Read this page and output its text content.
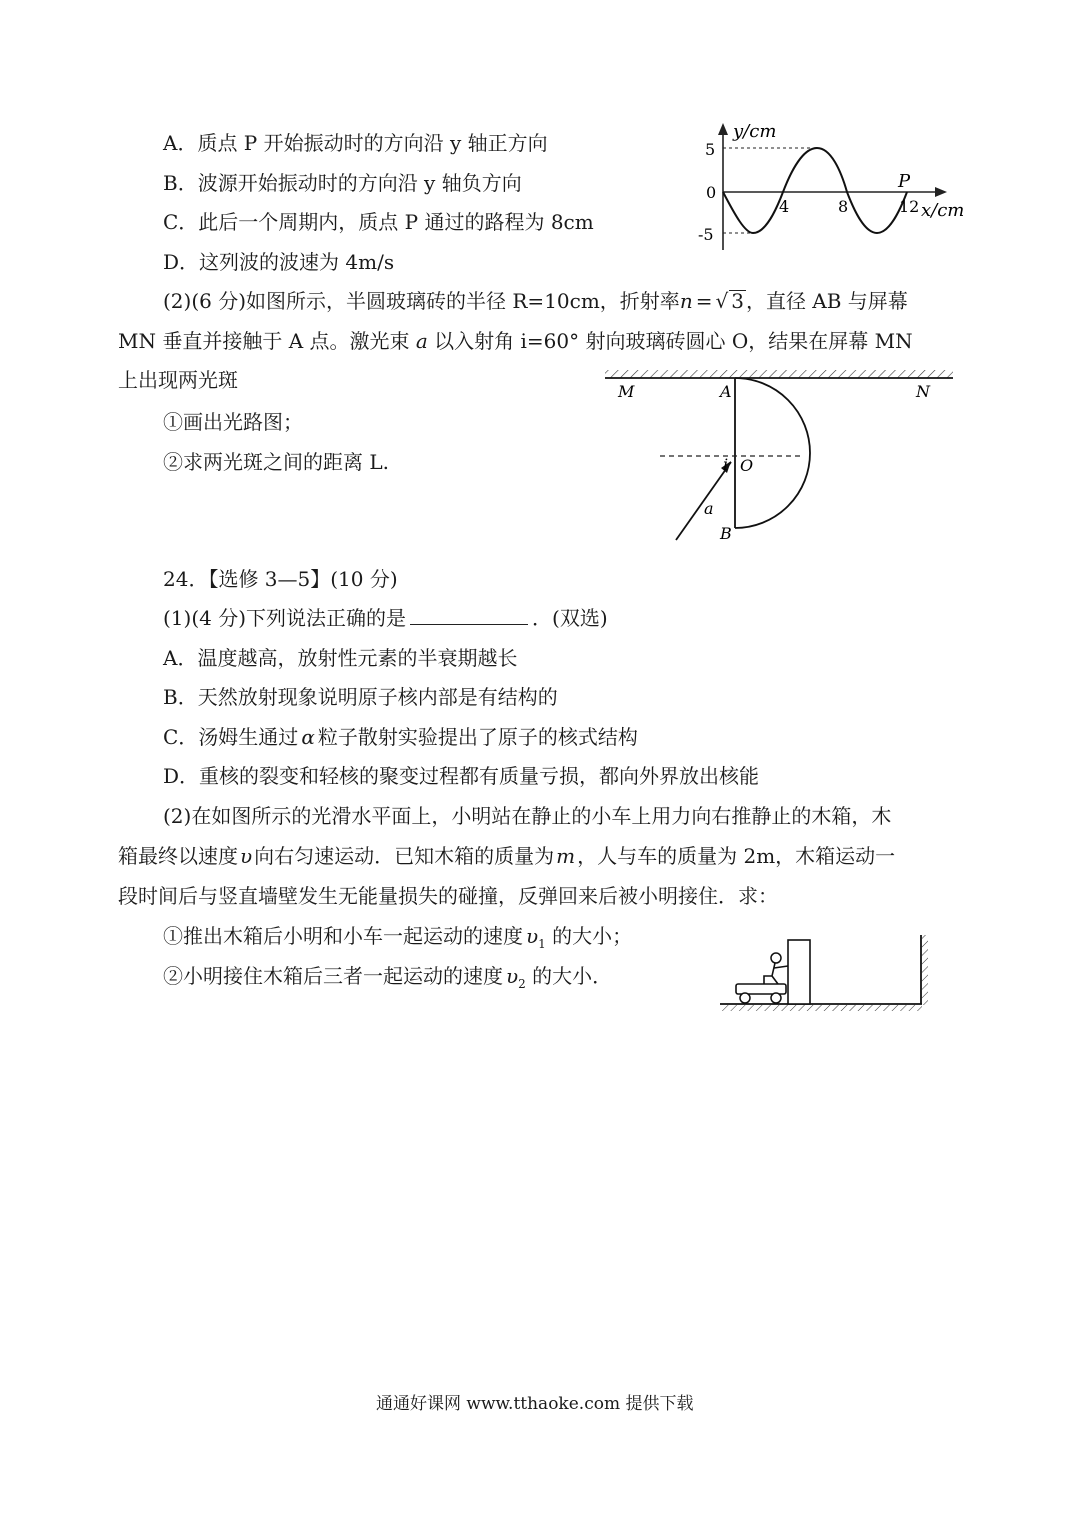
A．质点 P 开始振动时的方向沿 y 轴正方向
B．波源开始振动时的方向沿 y 轴负方向
C．此后一个周期内，质点 P 通过的路程为 8cm
D．这列波的波速为 4m/s
y/cm
5
0
-5
4	8	12 x/cm
P
(2)(6 分)如图所示，半圆玻璃砖的半径 R=10cm，折射率n = √ 3 ，直径 AB 与屏幕
MN 垂直并接触于 A 点。激光束 a 以入射角 i=60° 射向玻璃砖圆心 O，结果在屏幕 MN
上出现两光斑
①画出光路图；
②求两光斑之间的距离 L.
M	N
A
B
O
i
a
24．【选修 3—5】(10 分)
(1)(4 分)下列说法正确的是	．(双选)
A．温度越高，放射性元素的半衰期越长
B．天然放射现象说明原子核内部是有结构的
C．汤姆生通过 α 粒子散射实验提出了原子的核式结构
D．重核的裂变和轻核的聚变过程都有质量亏损，都向外界放出核能
(2)在如图所示的光滑水平面上，小明站在静止的小车上用力向右推静止的木箱，木
箱最终以速度 υ 向右匀速运动．已知木箱的质量为 m ，人与车的质量为 2m，木箱运动一
段时间后与竖直墙壁发生无能量损失的碰撞，反弹回来后被小明接住．求：
①推出木箱后小明和小车一起运动的速度 $\upsilon_1$ 的大小；
②小明接住木箱后三者一起运动的速度 $\upsilon_2$ 的大小．
通通好课网 www.tthaoke.com 提供下载
